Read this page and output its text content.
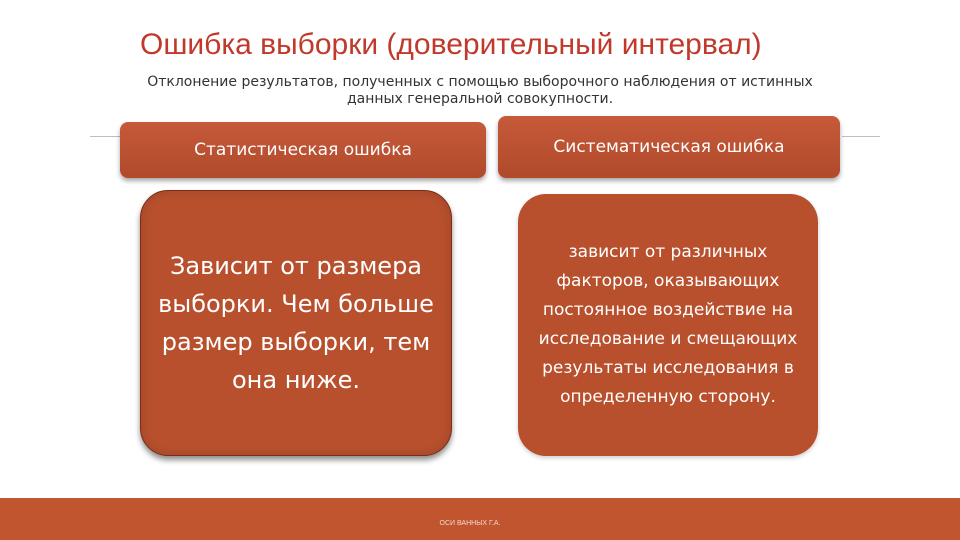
Ошибка выборки (доверительный интервал)
Отклонение результатов, полученных с помощью выборочного наблюдения от истинных
данных генеральной совокупности.
Статистическая ошибка	Систематическая ошибка
Зависит от размера выборки. Чем больше размер выборки, тем она ниже.
зависит от различных факторов, оказывающих постоянное воздействие на исследование и смещающих результаты исследования в определенную сторону.
ОСИ ВАННЫХ Г.А.
